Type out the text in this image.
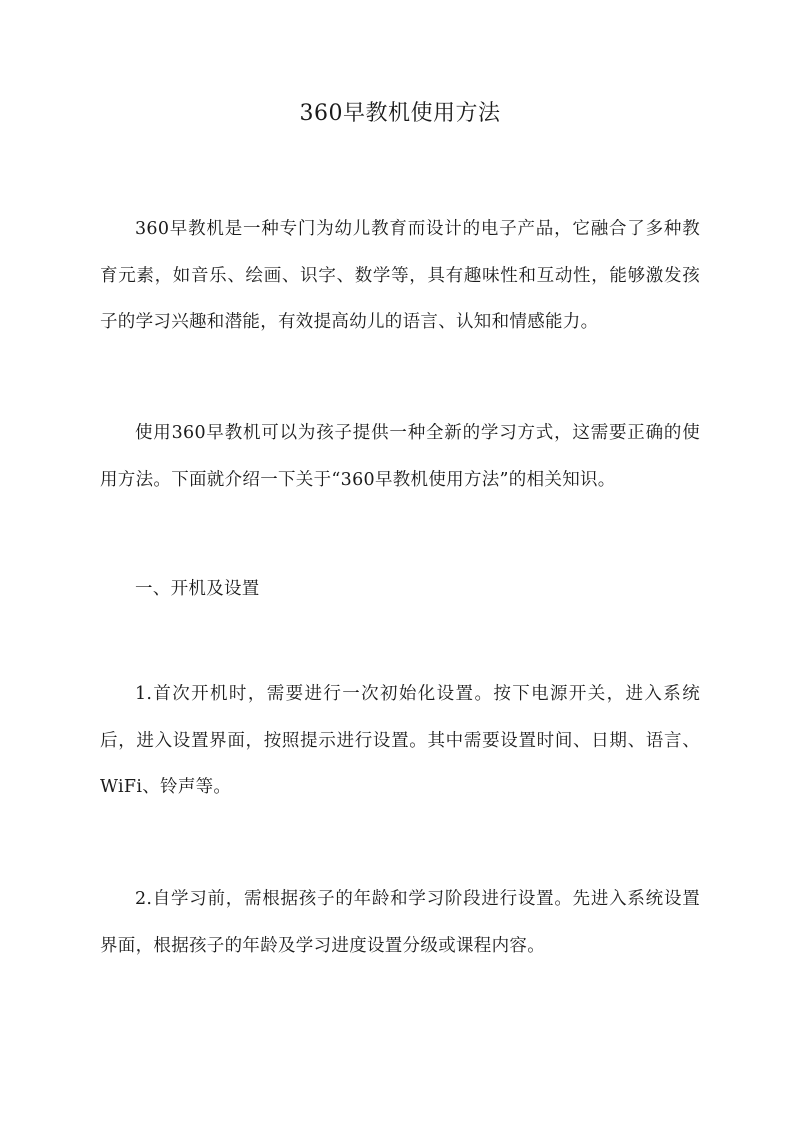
360早教机使用方法

360早教机是一种专门为幼儿教育而设计的电子产品，它融合了多种教育元素，如音乐、绘画、识字、数学等，具有趣味性和互动性，能够激发孩子的学习兴趣和潜能，有效提高幼儿的语言、认知和情感能力。

使用360早教机可以为孩子提供一种全新的学习方式，这需要正确的使用方法。下面就介绍一下关于“360早教机使用方法”的相关知识。

一、开机及设置

1.首次开机时，需要进行一次初始化设置。按下电源开关，进入系统后，进入设置界面，按照提示进行设置。其中需要设置时间、日期、语言、WiFi、铃声等。

2.自学习前，需根据孩子的年龄和学习阶段进行设置。先进入系统设置界面，根据孩子的年龄及学习进度设置分级或课程内容。
